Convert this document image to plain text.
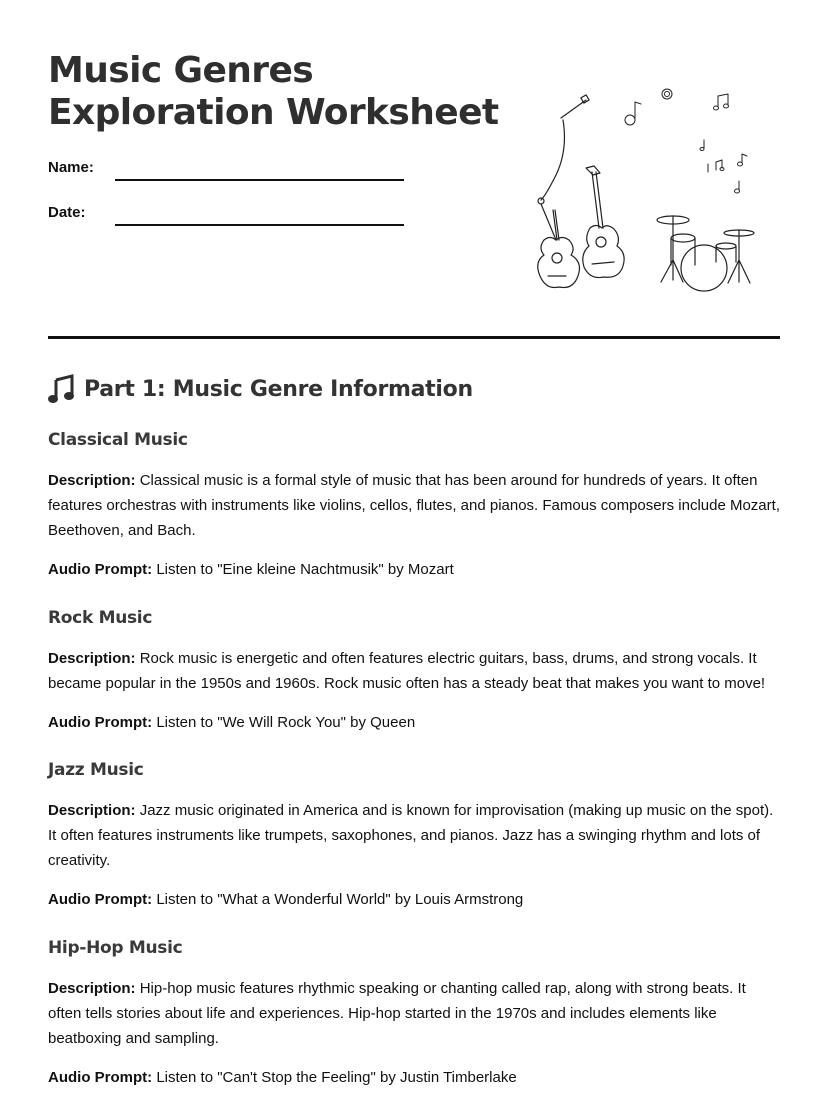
Music Genres
Exploration Worksheet
Name:
Date:
Part 1: Music Genre Information
Classical Music

Description: Classical music is a formal style of music that has been around for hundreds of years. It often features orchestras with instruments like violins, cellos, flutes, and pianos. Famous composers include Mozart, Beethoven, and Bach.

Audio Prompt: Listen to "Eine kleine Nachtmusik" by Mozart

Rock Music

Description: Rock music is energetic and often features electric guitars, bass, drums, and strong vocals. It became popular in the 1950s and 1960s. Rock music often has a steady beat that makes you want to move!

Audio Prompt: Listen to "We Will Rock You" by Queen

Jazz Music

Description: Jazz music originated in America and is known for improvisation (making up music on the spot). It often features instruments like trumpets, saxophones, and pianos. Jazz has a swinging rhythm and lots of creativity.

Audio Prompt: Listen to "What a Wonderful World" by Louis Armstrong

Hip-Hop Music

Description: Hip-hop music features rhythmic speaking or chanting called rap, along with strong beats. It often tells stories about life and experiences. Hip-hop started in the 1970s and includes elements like beatboxing and sampling.

Audio Prompt: Listen to "Can't Stop the Feeling" by Justin Timberlake
